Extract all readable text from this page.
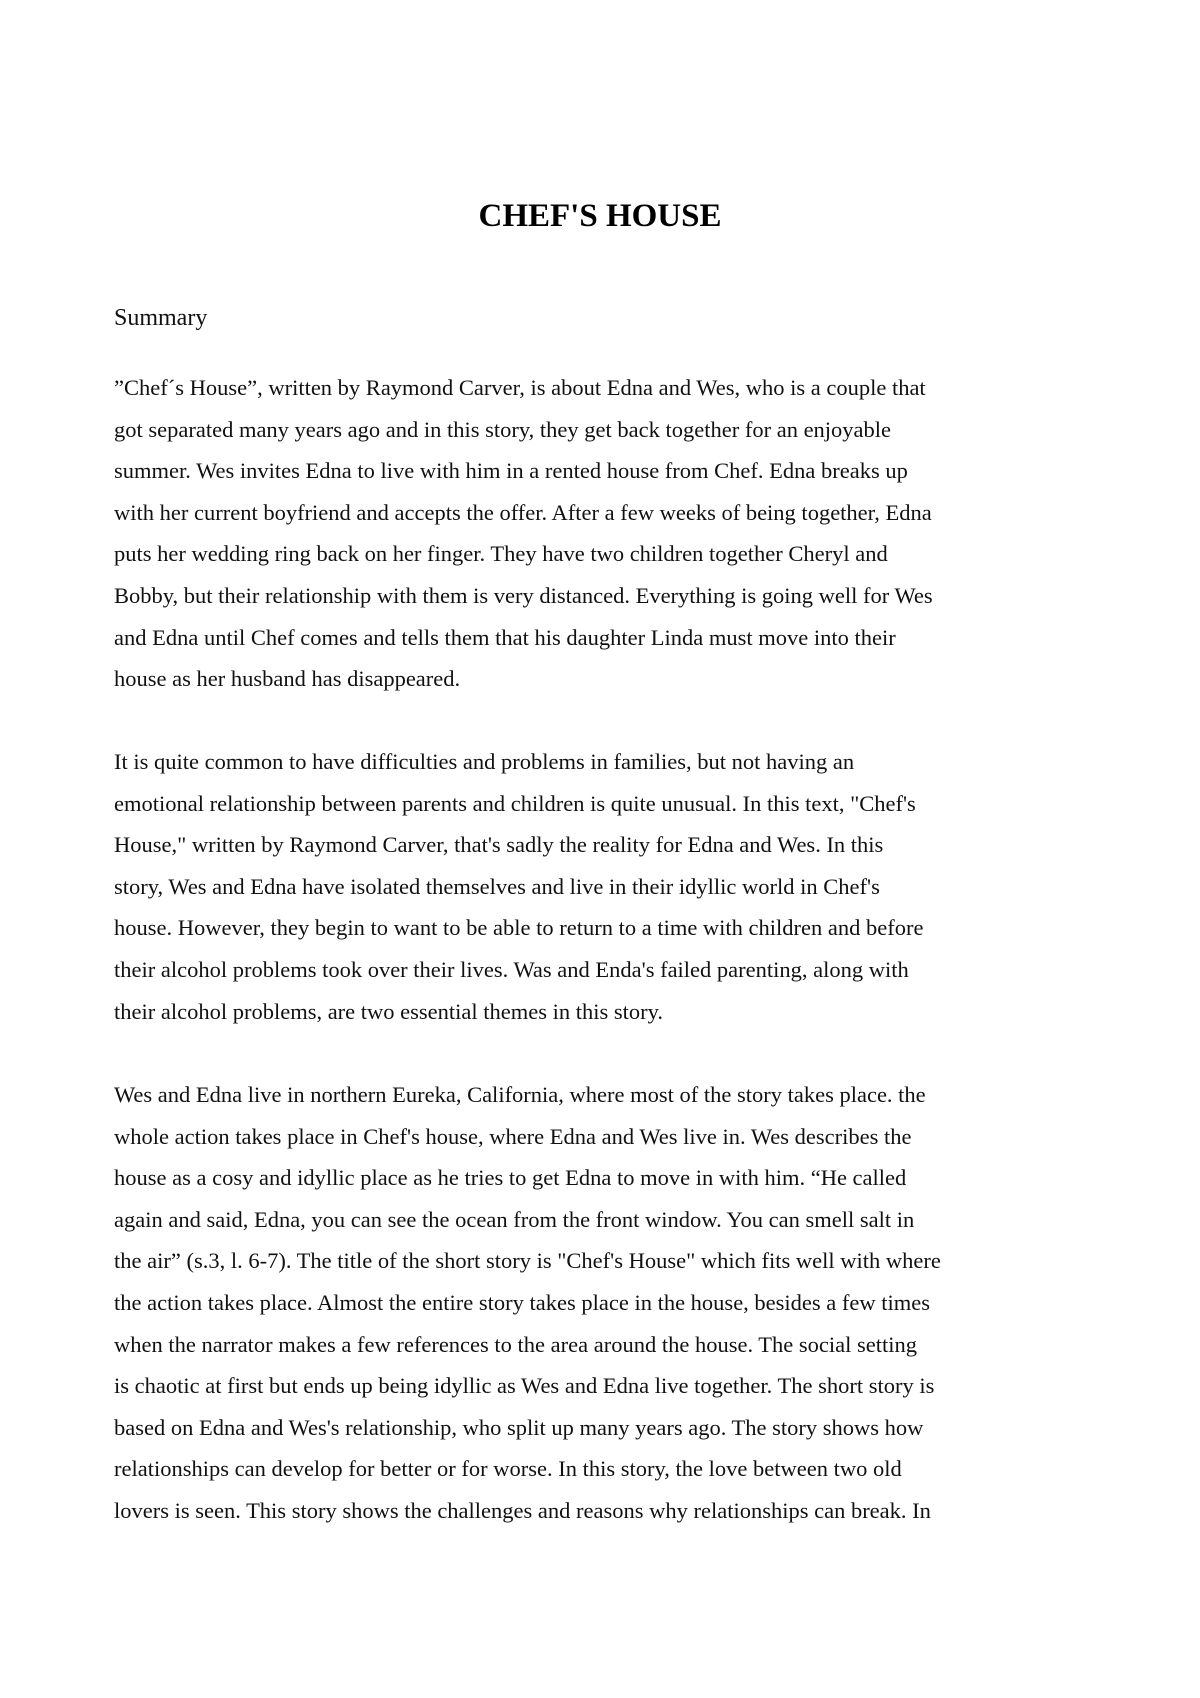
CHEF'S HOUSE
Summary
”Chef´s House”, written by Raymond Carver, is about Edna and Wes, who is a couple that
got separated many years ago and in this story, they get back together for an enjoyable
summer. Wes invites Edna to live with him in a rented house from Chef. Edna breaks up
with her current boyfriend and accepts the offer. After a few weeks of being together, Edna
puts her wedding ring back on her finger. They have two children together Cheryl and
Bobby, but their relationship with them is very distanced. Everything is going well for Wes
and Edna until Chef comes and tells them that his daughter Linda must move into their
house as her husband has disappeared.
It is quite common to have difficulties and problems in families, but not having an
emotional relationship between parents and children is quite unusual. In this text, "Chef's
House," written by Raymond Carver, that's sadly the reality for Edna and Wes. In this
story, Wes and Edna have isolated themselves and live in their idyllic world in Chef's
house. However, they begin to want to be able to return to a time with children and before
their alcohol problems took over their lives. Was and Enda's failed parenting, along with
their alcohol problems, are two essential themes in this story.
Wes and Edna live in northern Eureka, California, where most of the story takes place. the
whole action takes place in Chef's house, where Edna and Wes live in. Wes describes the
house as a cosy and idyllic place as he tries to get Edna to move in with him. “He called
again and said, Edna, you can see the ocean from the front window. You can smell salt in
the air” (s.3, l. 6-7). The title of the short story is "Chef's House" which fits well with where
the action takes place. Almost the entire story takes place in the house, besides a few times
when the narrator makes a few references to the area around the house. The social setting
is chaotic at first but ends up being idyllic as Wes and Edna live together. The short story is
based on Edna and Wes's relationship, who split up many years ago. The story shows how
relationships can develop for better or for worse. In this story, the love between two old
lovers is seen. This story shows the challenges and reasons why relationships can break. In
